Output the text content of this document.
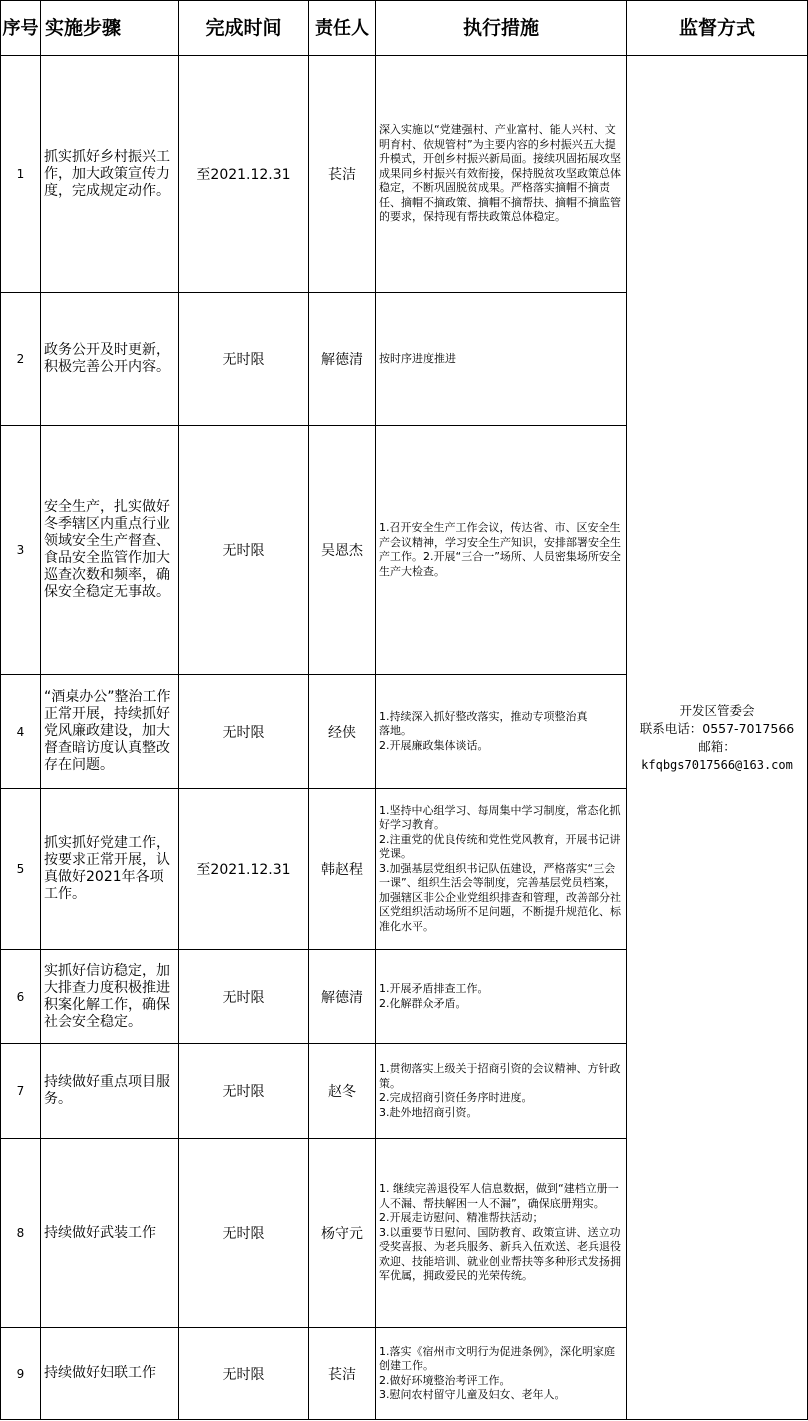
序号	实施步骤	完成时间	责任人	执行措施	监督方式
1	抓实抓好乡村振兴工作，加大政策宣传力度，完成规定动作。	至2021.12.31	苌洁	深入实施以“党建强村、产业富村、能人兴村、文明育村、依规管村”为主要内容的乡村振兴五大提升模式，开创乡村振兴新局面。接续巩固拓展攻坚成果同乡村振兴有效衔接，保持脱贫攻坚政策总体稳定，不断巩固脱贫成果。严格落实摘帽不摘责任、摘帽不摘政策、摘帽不摘帮扶、摘帽不摘监管的要求，保持现有帮扶政策总体稳定。	开发区管委会
联系电话：0557-7017566
邮箱：
kfqbgs7017566@163.com

2	政务公开及时更新，积极完善公开内容。	无时限	解德清	按时序进度推进	
3	安全生产，扎实做好冬季辖区内重点行业领域安全生产督查、食品安全监管作加大巡查次数和频率，确保安全稳定无事故。	无时限	吴恩杰	1.召开安全生产工作会议，传达省、市、区安全生产会议精神，学习安全生产知识，安排部署安全生产工作。2.开展“三合一”场所、人员密集场所安全生产大检查。	
4	“酒桌办公”整治工作正常开展，持续抓好党风廉政建设，加大督查暗访度认真整改存在问题。	无时限	经侠	1.持续深入抓好整改落实，推动专项整治真
落地。
2.开展廉政集体谈话。	
5	抓实抓好党建工作，按要求正常开展，认真做好2021年各项工作。	至2021.12.31	韩赵程	1.坚持中心组学习、每周集中学习制度，常态化抓好学习教育。
2.注重党的优良传统和党性党风教育，开展书记讲党课。
3.加强基层党组织书记队伍建设，严格落实“三会一课”、组织生活会等制度，完善基层党员档案，加强辖区非公企业党组织排查和管理，改善部分社区党组织活动场所不足问题，不断提升规范化、标准化水平。	
6	实抓好信访稳定，加大排查力度积极推进积案化解工作，确保社会安全稳定。	无时限	解德清	1.开展矛盾排查工作。
2.化解群众矛盾。	
7	持续做好重点项目服务。	无时限	赵冬	1.贯彻落实上级关于招商引资的会议精神、方针政策。
2.完成招商引资任务序时进度。
3.赴外地招商引资。	
8	持续做好武装工作	无时限	杨守元	1. 继续完善退役军人信息数据，做到“建档立册一人不漏、帮扶解困一人不漏”，确保底册翔实。
2.开展走访慰问、精准帮扶活动；
3.以重要节日慰问、国防教育、政策宣讲、送立功受奖喜报、为老兵服务、新兵入伍欢送、老兵退役欢迎、技能培训、就业创业帮扶等多种形式发扬拥军优属，拥政爱民的光荣传统。	
9	持续做好妇联工作	无时限	苌洁	1.落实《宿州市文明行为促进条例》，深化明家庭创建工作。
2.做好环境整治考评工作。
3.慰问农村留守儿童及妇女、老年人。	
